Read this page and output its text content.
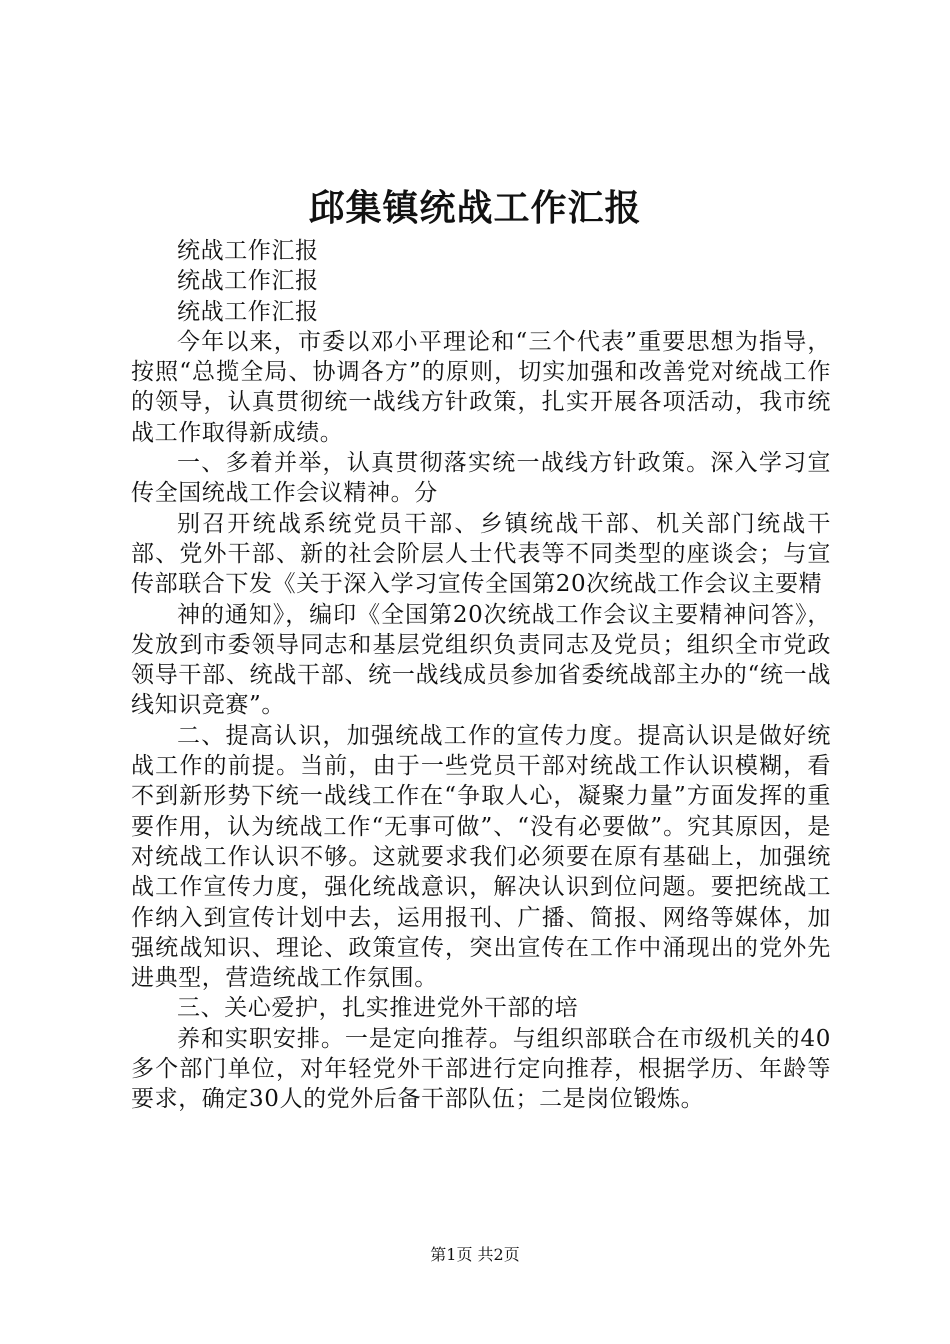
邱集镇统战工作汇报

统战工作汇报

统战工作汇报

统战工作汇报

今年以来，市委以邓小平理论和“三个代表”重要思想为指导，按照“总揽全局、协调各方”的原则，切实加强和改善党对统战工作的领导，认真贯彻统一战线方针政策，扎实开展各项活动，我市统战工作取得新成绩。

一、多着并举，认真贯彻落实统一战线方针政策。深入学习宣传全国统战工作会议精神。分

别召开统战系统党员干部、乡镇统战干部、机关部门统战干部、党外干部、新的社会阶层人士代表等不同类型的座谈会；与宣传部联合下发《关于深入学习宣传全国第20次统战工作会议主要精

神的通知》，编印《全国第20次统战工作会议主要精神问答》，发放到市委领导同志和基层党组织负责同志及党员；组织全市党政领导干部、统战干部、统一战线成员参加省委统战部主办的“统一战线知识竞赛”。

二、提高认识，加强统战工作的宣传力度。提高认识是做好统战工作的前提。当前，由于一些党员干部对统战工作认识模糊，看不到新形势下统一战线工作在“争取人心，凝聚力量”方面发挥的重要作用，认为统战工作“无事可做”、“没有必要做”。究其原因，是对统战工作认识不够。这就要求我们必须要在原有基础上，加强统战工作宣传力度，强化统战意识，解决认识到位问题。要把统战工作纳入到宣传计划中去，运用报刊、广播、简报、网络等媒体，加强统战知识、理论、政策宣传，突出宣传在工作中涌现出的党外先进典型，营造统战工作氛围。

三、关心爱护，扎实推进党外干部的培

养和实职安排。一是定向推荐。与组织部联合在市级机关的40多个部门单位，对年轻党外干部进行定向推荐，根据学历、年龄等要求，确定30人的党外后备干部队伍；二是岗位锻炼。

第1页 共2页
